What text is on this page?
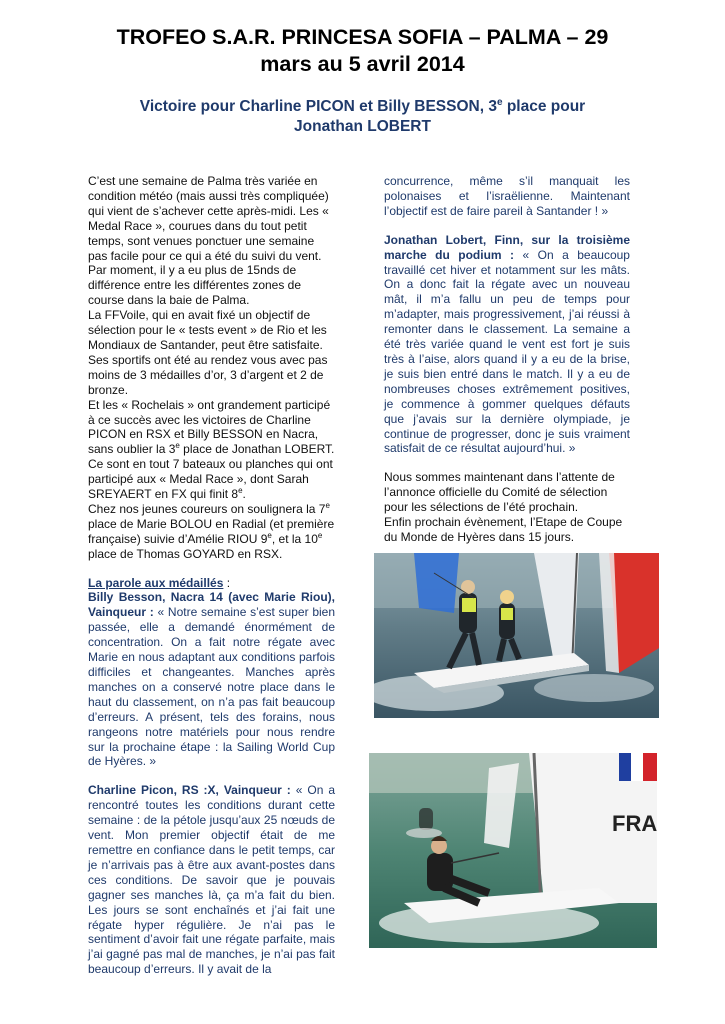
TROFEO S.A.R. PRINCESA SOFIA – PALMA – 29
mars au 5 avril 2014
Victoire pour Charline PICON et Billy BESSON, 3e place pour
Jonathan LOBERT

C’est une semaine de Palma très variée en condition météo (mais aussi très compliquée) qui vient de s’achever cette après-midi. Les « Medal Race », courues dans du tout petit temps, sont venues ponctuer une semaine pas facile pour ce qui a été du suivi du vent. Par moment, il y a eu plus de 15nds de différence entre les différentes zones de course dans la baie de Palma.

La FFVoile, qui en avait fixé un objectif de sélection pour le « tests event » de Rio et les Mondiaux de Santander, peut être satisfaite. Ses sportifs ont été au rendez vous avec pas moins de 3 médailles d’or, 3 d’argent et 2 de bronze.

Et les « Rochelais » ont grandement participé à ce succès avec les victoires de Charline PICON en RSX et Billy BESSON en Nacra, sans oublier la 3e place de Jonathan LOBERT. Ce sont en tout 7 bateaux ou planches qui ont participé aux « Medal Race », dont Sarah SREYAERT en FX qui finit 8e.

Chez nos jeunes coureurs on soulignera la 7e place de Marie BOLOU en Radial (et première française) suivie d’Amélie RIOU 9e, et la 10e place de Thomas GOYARD en RSX.

La parole aux médaillés :

Billy Besson, Nacra 14 (avec Marie Riou), Vainqueur : « Notre semaine s’est super bien passée, elle a demandé énormément de concentration. On a fait notre régate avec Marie en nous adaptant aux conditions parfois difficiles et changeantes. Manches après manches on a conservé notre place dans le haut du classement, on n’a pas fait beaucoup d’erreurs. A présent, tels des forains, nous rangeons notre matériels pour nous rendre sur la prochaine étape : la Sailing World Cup de Hyères. »

Charline Picon, RS :X, Vainqueur : « On a rencontré toutes les conditions durant cette semaine : de la pétole jusqu’aux 25 nœuds de vent. Mon premier objectif était de me remettre en confiance dans le petit temps, car je n’arrivais pas à être aux avant-postes dans ces conditions. De savoir que je pouvais gagner ses manches là, ça m’a fait du bien. Les jours se sont enchaînés et j’ai fait une régate hyper régulière. Je n’ai pas le sentiment d’avoir fait une régate parfaite, mais j’ai gagné pas mal de manches, je n’ai pas fait beaucoup d’erreurs. Il y avait de la

concurrence, même s’il manquait les polonaises et l’israëlienne. Maintenant l’objectif est de faire pareil à Santander ! »

Jonathan Lobert, Finn, sur la troisième marche du podium : « On a beaucoup travaillé cet hiver et notamment sur les mâts. On a donc fait la régate avec un nouveau mât, il m’a fallu un peu de temps pour m’adapter, mais progressivement, j’ai réussi à remonter dans le classement. La semaine a été très variée quand le vent est fort je suis très à l’aise, alors quand il y a eu de la brise, je suis bien entré dans le match. Il y a eu de nombreuses choses extrêmement positives, je commence à gommer quelques défauts que j’avais sur la dernière olympiade, je continue de progresser, donc je suis vraiment satisfait de ce résultat aujourd’hui. »

Nous sommes maintenant dans l’attente de l’annonce officielle du Comité de sélection pour les sélections de l’été prochain.

Enfin prochain évènement, l’Etape de Coupe du Monde de Hyères dans 15 jours.

FRA
